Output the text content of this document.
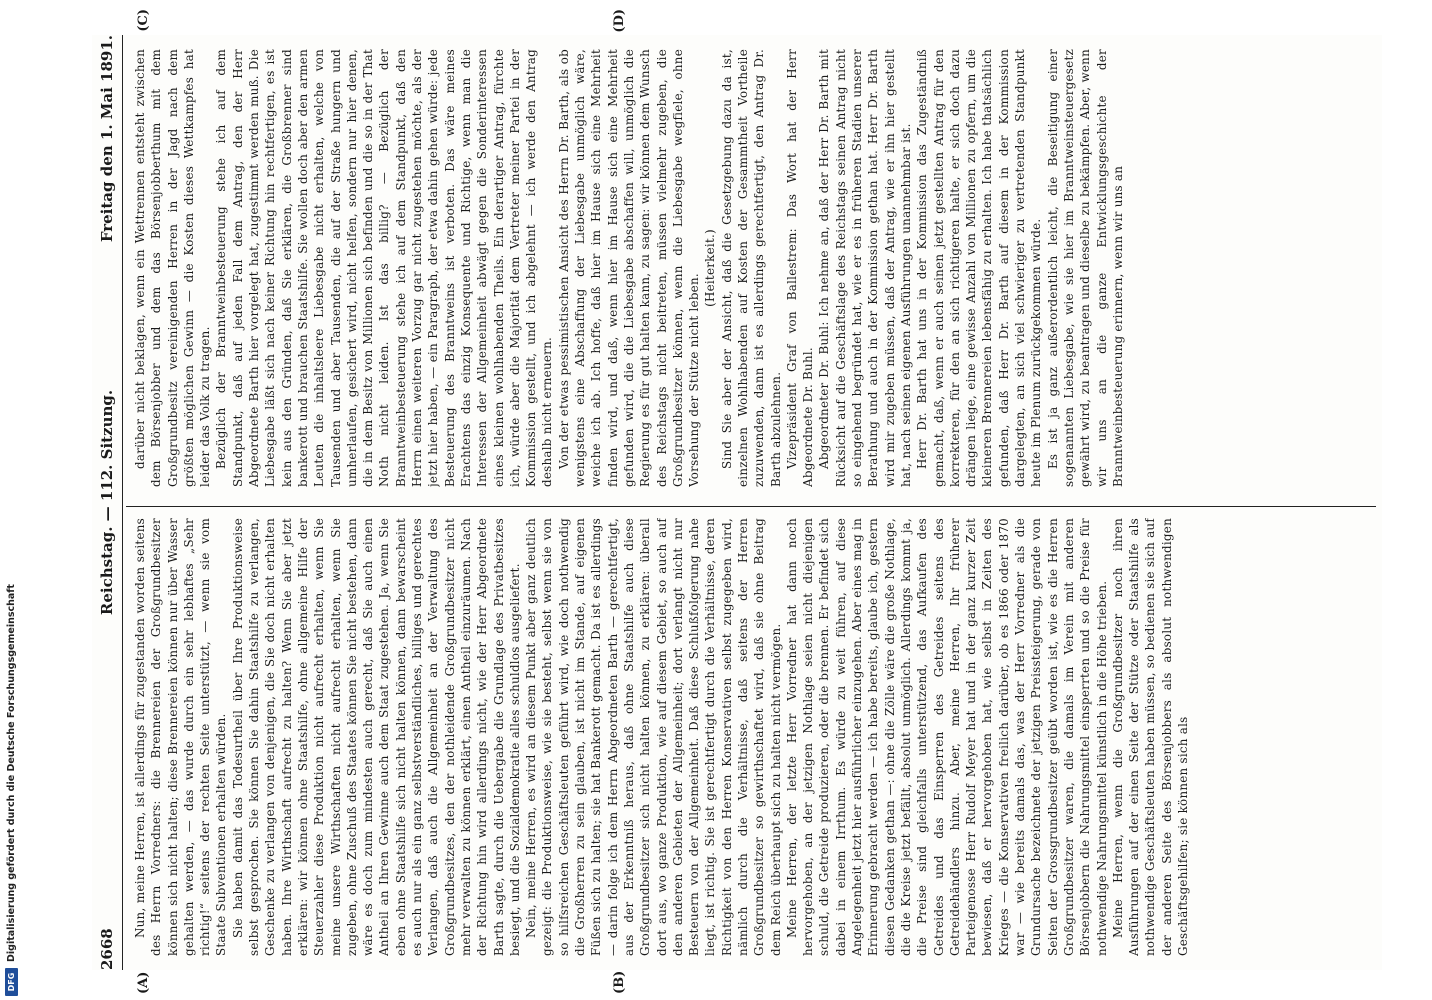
2668
Reichstag. — 112. Sitzung.
Freitag den 1. Mai 1891.
(A)	(B)
(C)	(D)

Nun, meine Herren, ist allerdings für zugestanden worden seitens des Herrn Vorredners: die Brennereien der Großgrundbesitzer können sich nicht halten; diese Brennereien können nur über Wasser gehalten werden, — das wurde durch ein sehr lebhaftes „Sehr richtig!“ seitens der rechten Seite unterstützt, — wenn sie vom Staate Subventionen erhalten würden. Sie haben damit das Todesurtheil über Ihre Produktionsweise selbst gesprochen. Sie können Sie dahin Staatshilfe zu verlangen, Geschenke zu verlangen von denjenigen, die Sie doch nicht erhalten haben. Ihre Wirthschaft aufrecht zu halten? Wenn Sie aber jetzt erklären: wir können ohne Staatshilfe, ohne allgemeine Hilfe der Steuerzahler diese Produktion nicht aufrecht erhalten, wenn Sie meine unsere Wirthschaften nicht aufrecht erhalten, wenn Sie zugeben, ohne Zuschuß des Staates können Sie nicht bestehen, dann wäre es doch zum mindesten auch gerecht, daß Sie auch einen Antheil an Ihren Gewinne auch dem Staat zugestehen. Ja, wenn Sie eben ohne Staatshilfe sich nicht halten können, dann bewarscheint es auch nur als ein ganz selbstverständliches, billiges und gerechtes Verlangen, daß auch die Allgemeinheit an der Verwaltung des Großgrundbesitzes, den der nothleidende Großgrundbesitzer nicht mehr verwalten zu können erklärt, einen Antheil einzuräumen. Nach der Richtung hin wird allerdings nicht, wie der Herr Abgeordnete Barth sagte, durch die Uebergabe die Grundlage des Privatbesitzes besiegt, und die Sozialdemokratie alles schuldlos ausgeliefert. Nein, meine Herren, es wird an diesem Punkt aber ganz deutlich gezeigt: die Produktionsweise, wie sie besteht, selbst wenn sie von so hilfsreichen Geschäftsleuten geführt wird, wie doch nothwendig die Großherren zu sein glauben, ist nicht im Stande, auf eigenen Füßen sich zu halten; sie hat Bankerott gemacht. Da ist es allerdings — darin folge ich dem Herrn Abgeordneten Barth — gerechtfertigt, aus der Erkenntniß heraus, daß ohne Staatshilfe auch diese Großgrundbesitzer sich nicht halten können, zu erklären: überall dort aus, wo ganze Produktion, wie auf diesem Gebiet, so auch auf den anderen Gebieten der Allgemeinheit; dort verlangt nicht nur Besteuern von der Allgemeinheit. Daß diese Schlußfolgerung nahe liegt, ist richtig. Sie ist gerechtfertigt durch die Verhältnisse, deren Richtigkeit von den Herren Konservativen selbst zugegeben wird, nämlich durch die Verhältnisse, daß seitens der Herren Großgrundbesitzer so gewirthschaftet wird, daß sie ohne Beitrag dem Reich überhaupt sich zu halten nicht vermögen. Meine Herren, der letzte Herr Vorredner hat dann noch hervorgehoben, an der jetzigen Nothlage seien nicht diejenigen schuld, die Getreide produzieren, oder die brennen. Er befindet sich dabei in einem Irrthum. Es würde zu weit führen, auf diese Angelegenheit jetzt hier ausführlicher einzugehen. Aber eines mag in Erinnerung gebracht werden — ich habe bereits, glaube ich, gestern diesen Gedanken gethan —: ohne die Zölle wäre die große Nothlage, die die Kreise jetzt befällt, absolut unmöglich. Allerdings kommt ja, die Preise sind gleichfalls unterstützend, das Aufkaufen des Getreides und das Einsperren des Getreides seitens des Getreidehändlers hinzu. Aber, meine Herren, Ihr früherer Parteigenosse Herr Rudolf Meyer hat und in der ganz kurzer Zeit bewiesen, daß er hervorgehoben hat, wie selbst in Zeiten des Krieges — die Konservativen freilich darüber, ob es 1866 oder 1870 war — wie bereits damals das, was der Herr Vorredner als die Grundursache bezeichnete der jetzigen Preissteigerung, gerade von Seiten der Grossgrundbesitzer geübt worden ist, wie es die Herren Großgrundbesitzer waren, die damals im Verein mit anderen Börsenjobbern die Nahrungsmittel einsperrten und so die Preise für nothwendige Nahrungsmittel künstlich in die Höhe trieben. Meine Herren, wenn die Großgrundbesitzer noch ihren Ausführungen auf der einen Seite der Stütze oder Staatshilfe als nothwendige Geschäftsleuten haben müssen, so bedienen sie sich auf der anderen Seite des Börsenjobbers als absolut nothwendigen Geschäftsgehilfen; sie können sich als

darüber nicht beklagen, wenn ein Wettrennen entsteht zwischen dem Börsenjobber und dem das Börsenjobberthum mit dem Großgrundbesitz vereinigenden Herren in der Jagd nach dem größten möglichen Gewinn — die Kosten dieses Wettkampfes hat leider das Volk zu tragen. Bezüglich der Branntweinbesteuerung stehe ich auf dem Standpunkt, daß auf jeden Fall dem Antrag, den der Herr Abgeordnete Barth hier vorgelegt hat, zugestimmt werden muß. Die Liebesgabe läßt sich nach keiner Richtung hin rechtfertigen, es ist kein aus den Gründen, daß Sie erklären, die Großbrenner sind bankerott und brauchen Staatshilfe. Sie wollen doch aber den armen Leuten die inhaltsleere Liebesgabe nicht erhalten, welche von Tausenden und aber Tausenden, die auf der Straße hungern und umherlaufen, gesichert wird, nicht helfen, sondern nur hier denen, die in dem Besitz von Millionen sich befinden und die so in der That Noth nicht leiden. Ist das billig? — Bezüglich der Branntweinbesteuerung stehe ich auf dem Standpunkt, daß den Herrn einen weiteren Vorzug gar nicht zugestehen möchte, als der jetzt hier haben, — ein Paragraph, der etwa dahin gehen würde: jede Besteuerung des Branntweins ist verboten. Das wäre meines Erachtens das einzig Konsequente und Richtige, wenn man die Interessen der Allgemeinheit abwägt gegen die Sonderinteressen eines kleinen wohlhabenden Theils. Ein derartiger Antrag, fürchte ich, würde aber die Majorität dem Vertreter meiner Partei in der Kommission gestellt, und ich abgelehnt — ich werde den Antrag deshalb nicht erneuern. Von der etwas pessimistischen Ansicht des Herrn Dr. Barth, als ob wenigstens eine Abschaffung der Liebesgabe unmöglich wäre, weiche ich ab. Ich hoffe, daß hier im Hause sich eine Mehrheit finden wird, und daß, wenn hier im Hause sich eine Mehrheit gefunden wird, die die Liebesgabe abschaffen will, unmöglich die Regierung es für gut halten kann, zu sagen: wir können dem Wunsch des Reichstags nicht beitreten, müssen vielmehr zugeben, die Großgrundbesitzer können, wenn die Liebesgabe wegfiele, ohne Vorsehung der Stütze nicht leben.

(Heiterkeit.) Sind Sie aber der Ansicht, daß die Gesetzgebung dazu da ist, einzelnen Wohlhabenden auf Kosten der Gesammtheit Vortheile zuzuwenden, dann ist es allerdings gerechtfertigt, den Antrag Dr. Barth abzulehnen. Vizepräsident Graf von Ballestrem: Das Wort hat der Herr Abgeordnete Dr. Buhl. Abgeordneter Dr. Buhl: Ich nehme an, daß der Herr Dr. Barth mit Rücksicht auf die Geschäftslage des Reichstags seinen Antrag nicht so eingehend begründet hat, wie er es in früheren Stadien unserer Berathung und auch in der Kommission gethan hat. Herr Dr. Barth wird mir zugeben müssen, daß der Antrag, wie er ihn hier gestellt hat, nach seinen eigenen Ausführungen unannehmbar ist. Herr Dr. Barth hat uns in der Kommission das Zugeständniß gemacht, daß, wenn er auch seinen jetzt gestellten Antrag für den korrekteren, für den an sich richtigeren halte, er sich doch dazu drängen liege, eine gewisse Anzahl von Millionen zu opfern, um die kleineren Brennereien lebensfähig zu erhalten. Ich habe thatsächlich gefunden, daß Herr Dr. Barth auf diesem in der Kommission dargelegten, an sich viel schwieriger zu vertretenden Standpunkt heute im Plenum zurückgekommen würde. Es ist ja ganz außerordentlich leicht, die Beseitigung einer sogenannten Liebesgabe, wie sie hier im Branntweinsteuergesetz gewährt wird, zu beantragen und dieselbe zu bekämpfen. Aber, wenn wir uns an die ganze Entwicklungsgeschichte der Branntweinbesteuerung erinnern, wenn wir uns an

DFG
Digitalisierung gefördert durch die Deutsche Forschungsgemeinschaft
